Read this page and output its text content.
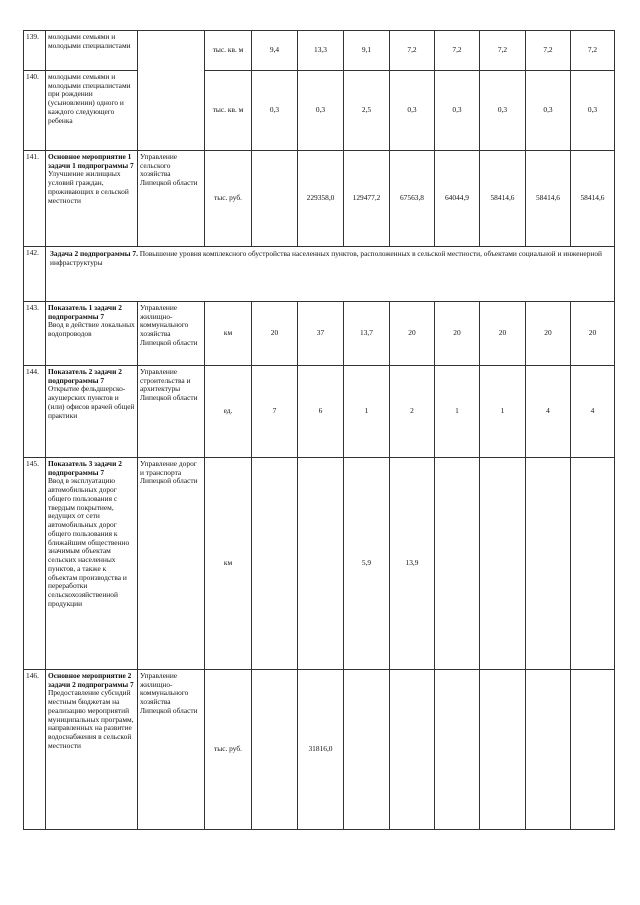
139.	молодыми семьями и молодыми специалистами		тыс. кв. м	9,4	13,3	9,1	7,2	7,2	7,2	7,2	7,2
140.	молодыми семьями и молодыми специалистами при рождении (усыновлении) одного и каждого следующего ребенка		тыс. кв. м	0,3	0,3	2,5	0,3	0,3	0,3	0,3	0,3
141.	Основное мероприятие 1 задачи 1 подпрограммы 7
Улучшение жилищных условий граждан, проживающих в сельской местности	Управление сельского хозяйства Липецкой области	тыс. руб.		229358,0	129477,2	67563,8	64044,9	58414,6	58414,6	58414,6
142.	Задача 2 подпрограммы 7. Повышение уровня комплексного обустройства населенных пунктов, расположенных в сельской местности, объектами социальной и инженерной инфраструктуры										
143.	Показатель 1 задачи 2 подпрограммы 7
Ввод в действие локальных водопроводов	Управление жилищно-коммунального хозяйства Липецкой области	км	20	37	13,7	20	20	20	20	20
144.	Показатель 2 задачи 2 подпрограммы 7
Открытие фельдшерско-акушерских пунктов и (или) офисов врачей общей практики	Управление строительства и архитектуры Липецкой области	ед.	7	6	1	2	1	1	4	4
145.	Показатель 3 задачи 2 подпрограммы 7
Ввод в эксплуатацию автомобильных дорог общего пользования с твердым покрытием, ведущих от сети автомобильных дорог общего пользования к ближайшим общественно значимым объектам сельских населенных пунктов, а также к объектам производства и переработки сельскохозяйственной продукции	Управление дорог и транспорта Липецкой области	км			5,9	13,9				
146.	Основное мероприятие 2 задачи 2 подпрограммы 7
Предоставление субсидий местным бюджетам на реализацию мероприятий муниципальных программ, направленных на развитие водоснабжения в сельской местности	Управление жилищно-коммунального хозяйства Липецкой области	тыс. руб.		31816,0						
